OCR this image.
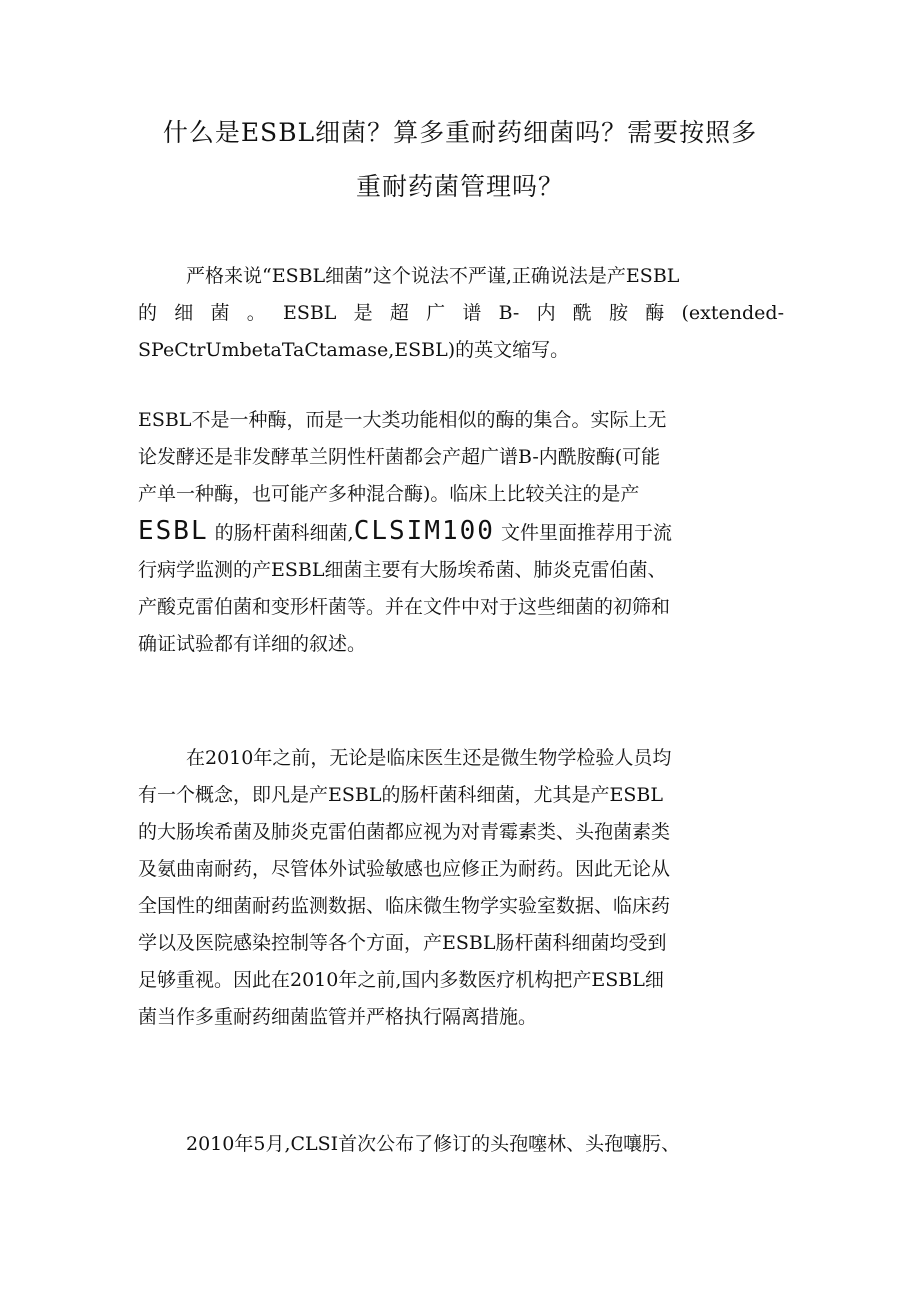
什么是ESBL细菌？算多重耐药细菌吗？需要按照多
重耐药菌管理吗？
严格来说“ESBL细菌”这个说法不严谨,正确说法是产ESBL
的细菌。ESBL是超广谱B-内酰胺酶(extended-
SPeCtrUmbetaTaCtamase,ESBL)的英文缩写。
ESBL不是一种酶，而是一大类功能相似的酶的集合。实际上无
论发酵还是非发酵革兰阴性杆菌都会产超广谱B-内酰胺酶(可能
产单一种酶，也可能产多种混合酶)。临床上比较关注的是产
ESBL 的肠杆菌科细菌,CLSIM100 文件里面推荐用于流
行病学监测的产ESBL细菌主要有大肠埃希菌、肺炎克雷伯菌、
产酸克雷伯菌和变形杆菌等。并在文件中对于这些细菌的初筛和
确证试验都有详细的叙述。
在2010年之前，无论是临床医生还是微生物学检验人员均
有一个概念，即凡是产ESBL的肠杆菌科细菌，尤其是产ESBL
的大肠埃希菌及肺炎克雷伯菌都应视为对青霉素类、头孢菌素类
及氨曲南耐药，尽管体外试验敏感也应修正为耐药。因此无论从
全国性的细菌耐药监测数据、临床微生物学实验室数据、临床药
学以及医院感染控制等各个方面，产ESBL肠杆菌科细菌均受到
足够重视。因此在2010年之前,国内多数医疗机构把产ESBL细
菌当作多重耐药细菌监管并严格执行隔离措施。
2010年5月,CLSI首次公布了修订的头孢噻林、头孢嚷肟、
